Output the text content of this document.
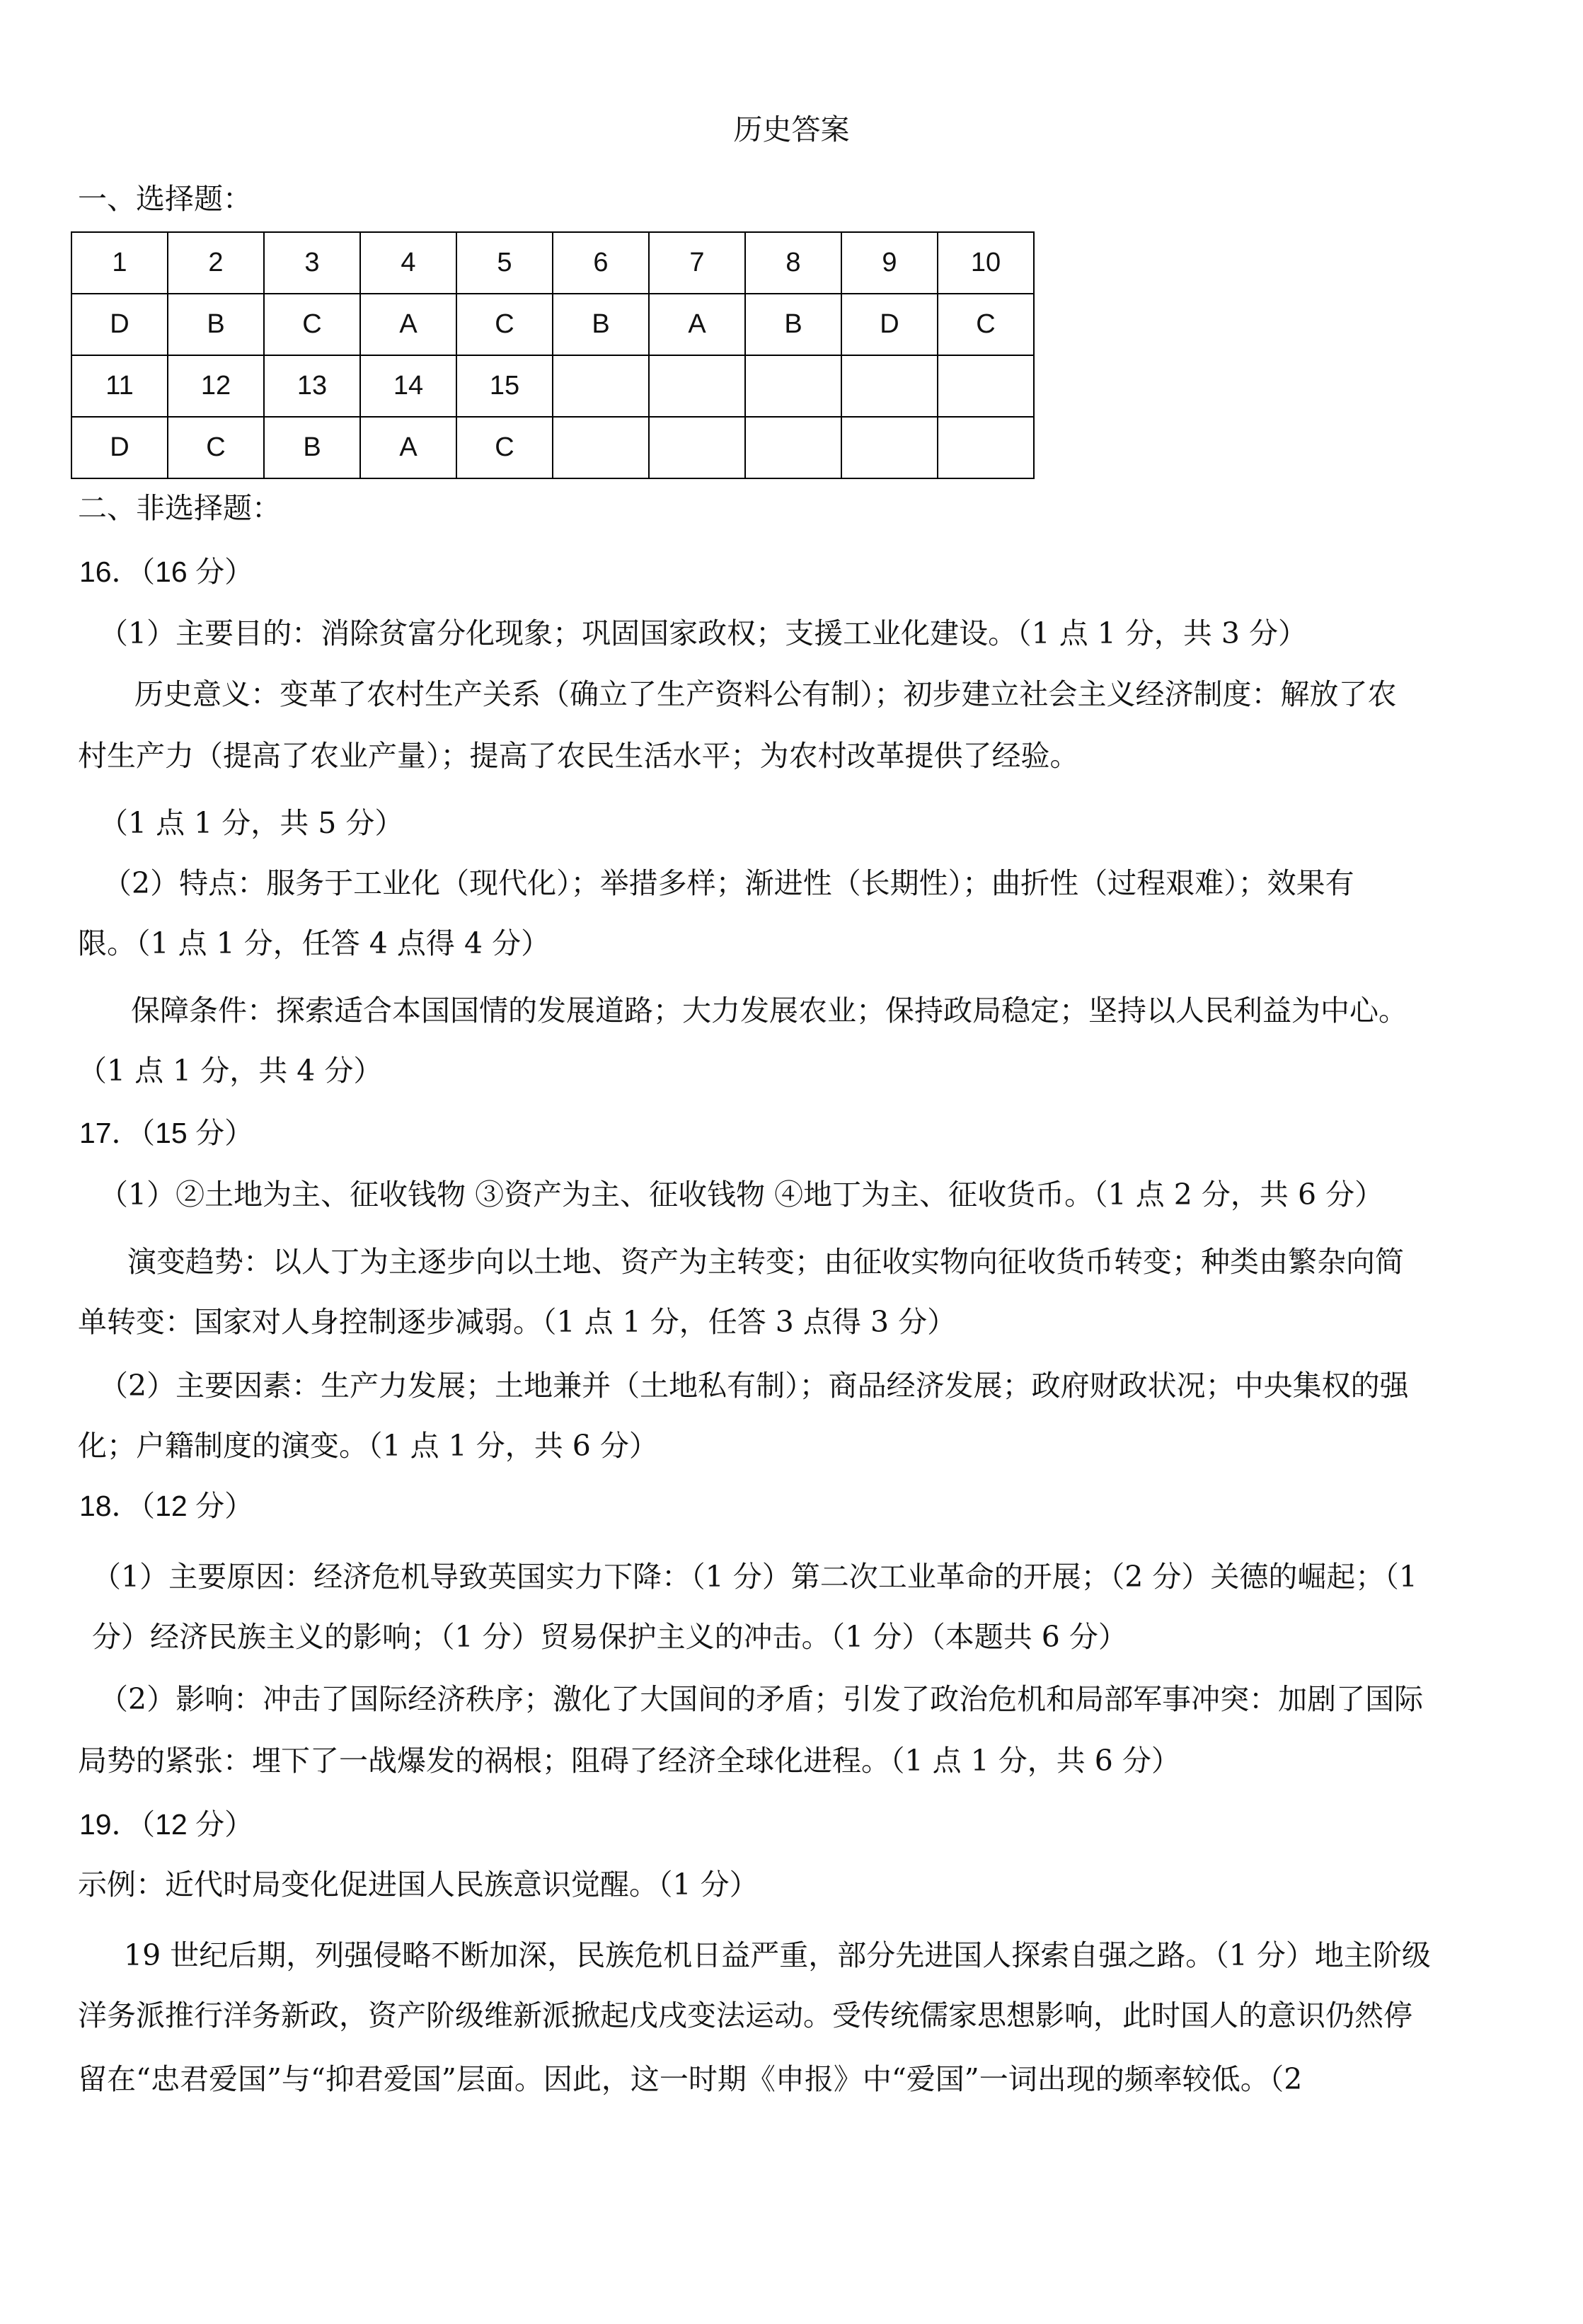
历史答案
一、选择题：
1	2	3	4	5	6	7	8	9	10
D	B	C	A	C	B	A	B	D	C
11	12	13	14	15					
D	C	B	A	C					
二、非选择题：
16．（16 分）
（1）主要目的：消除贫富分化现象；巩固国家政权；支援工业化建设。（1 点 1 分，共 3 分）
历史意义：变革了农村生产关系（确立了生产资料公有制）；初步建立社会主义经济制度：解放了农
村生产力（提高了农业产量）；提高了农民生活水平；为农村改革提供了经验。
（1 点 1 分，共 5 分）
（2）特点：服务于工业化（现代化）；举措多样；渐进性（长期性）；曲折性（过程艰难）；效果有
限。（1 点 1 分，任答 4 点得 4 分）
保障条件：探索适合本国国情的发展道路；大力发展农业；保持政局稳定；坚持以人民利益为中心。
（1 点 1 分，共 4 分）
17．（15 分）
（1）②土地为主、征收钱物 ③资产为主、征收钱物 ④地丁为主、征收货币。（1 点 2 分，共 6 分）
演变趋势：以人丁为主逐步向以土地、资产为主转变；由征收实物向征收货币转变；种类由繁杂向简
单转变：国家对人身控制逐步减弱。（1 点 1 分，任答 3 点得 3 分）
（2）主要因素：生产力发展；土地兼并（土地私有制）；商品经济发展；政府财政状况；中央集权的强
化；户籍制度的演变。（1 点 1 分，共 6 分）
18．（12 分）
（1）主要原因：经济危机导致英国实力下降：（1 分）第二次工业革命的开展；（2 分）关德的崛起；（1
分）经济民族主义的影响；（1 分）贸易保护主义的冲击。（1 分）（本题共 6 分）
（2）影响：冲击了国际经济秩序；激化了大国间的矛盾；引发了政治危机和局部军事冲突：加剧了国际
局势的紧张：埋下了一战爆发的祸根；阻碍了经济全球化进程。（1 点 1 分，共 6 分）
19．（12 分）
示例：近代时局变化促进国人民族意识觉醒。（1 分）
19 世纪后期，列强侵略不断加深，民族危机日益严重，部分先进国人探索自强之路。（1 分）地主阶级
洋务派推行洋务新政，资产阶级维新派掀起戊戌变法运动。受传统儒家思想影响，此时国人的意识仍然停
留在“忠君爱国”与“抑君爱国”层面。因此，这一时期《申报》中“爱国”一词出现的频率较低。（2
